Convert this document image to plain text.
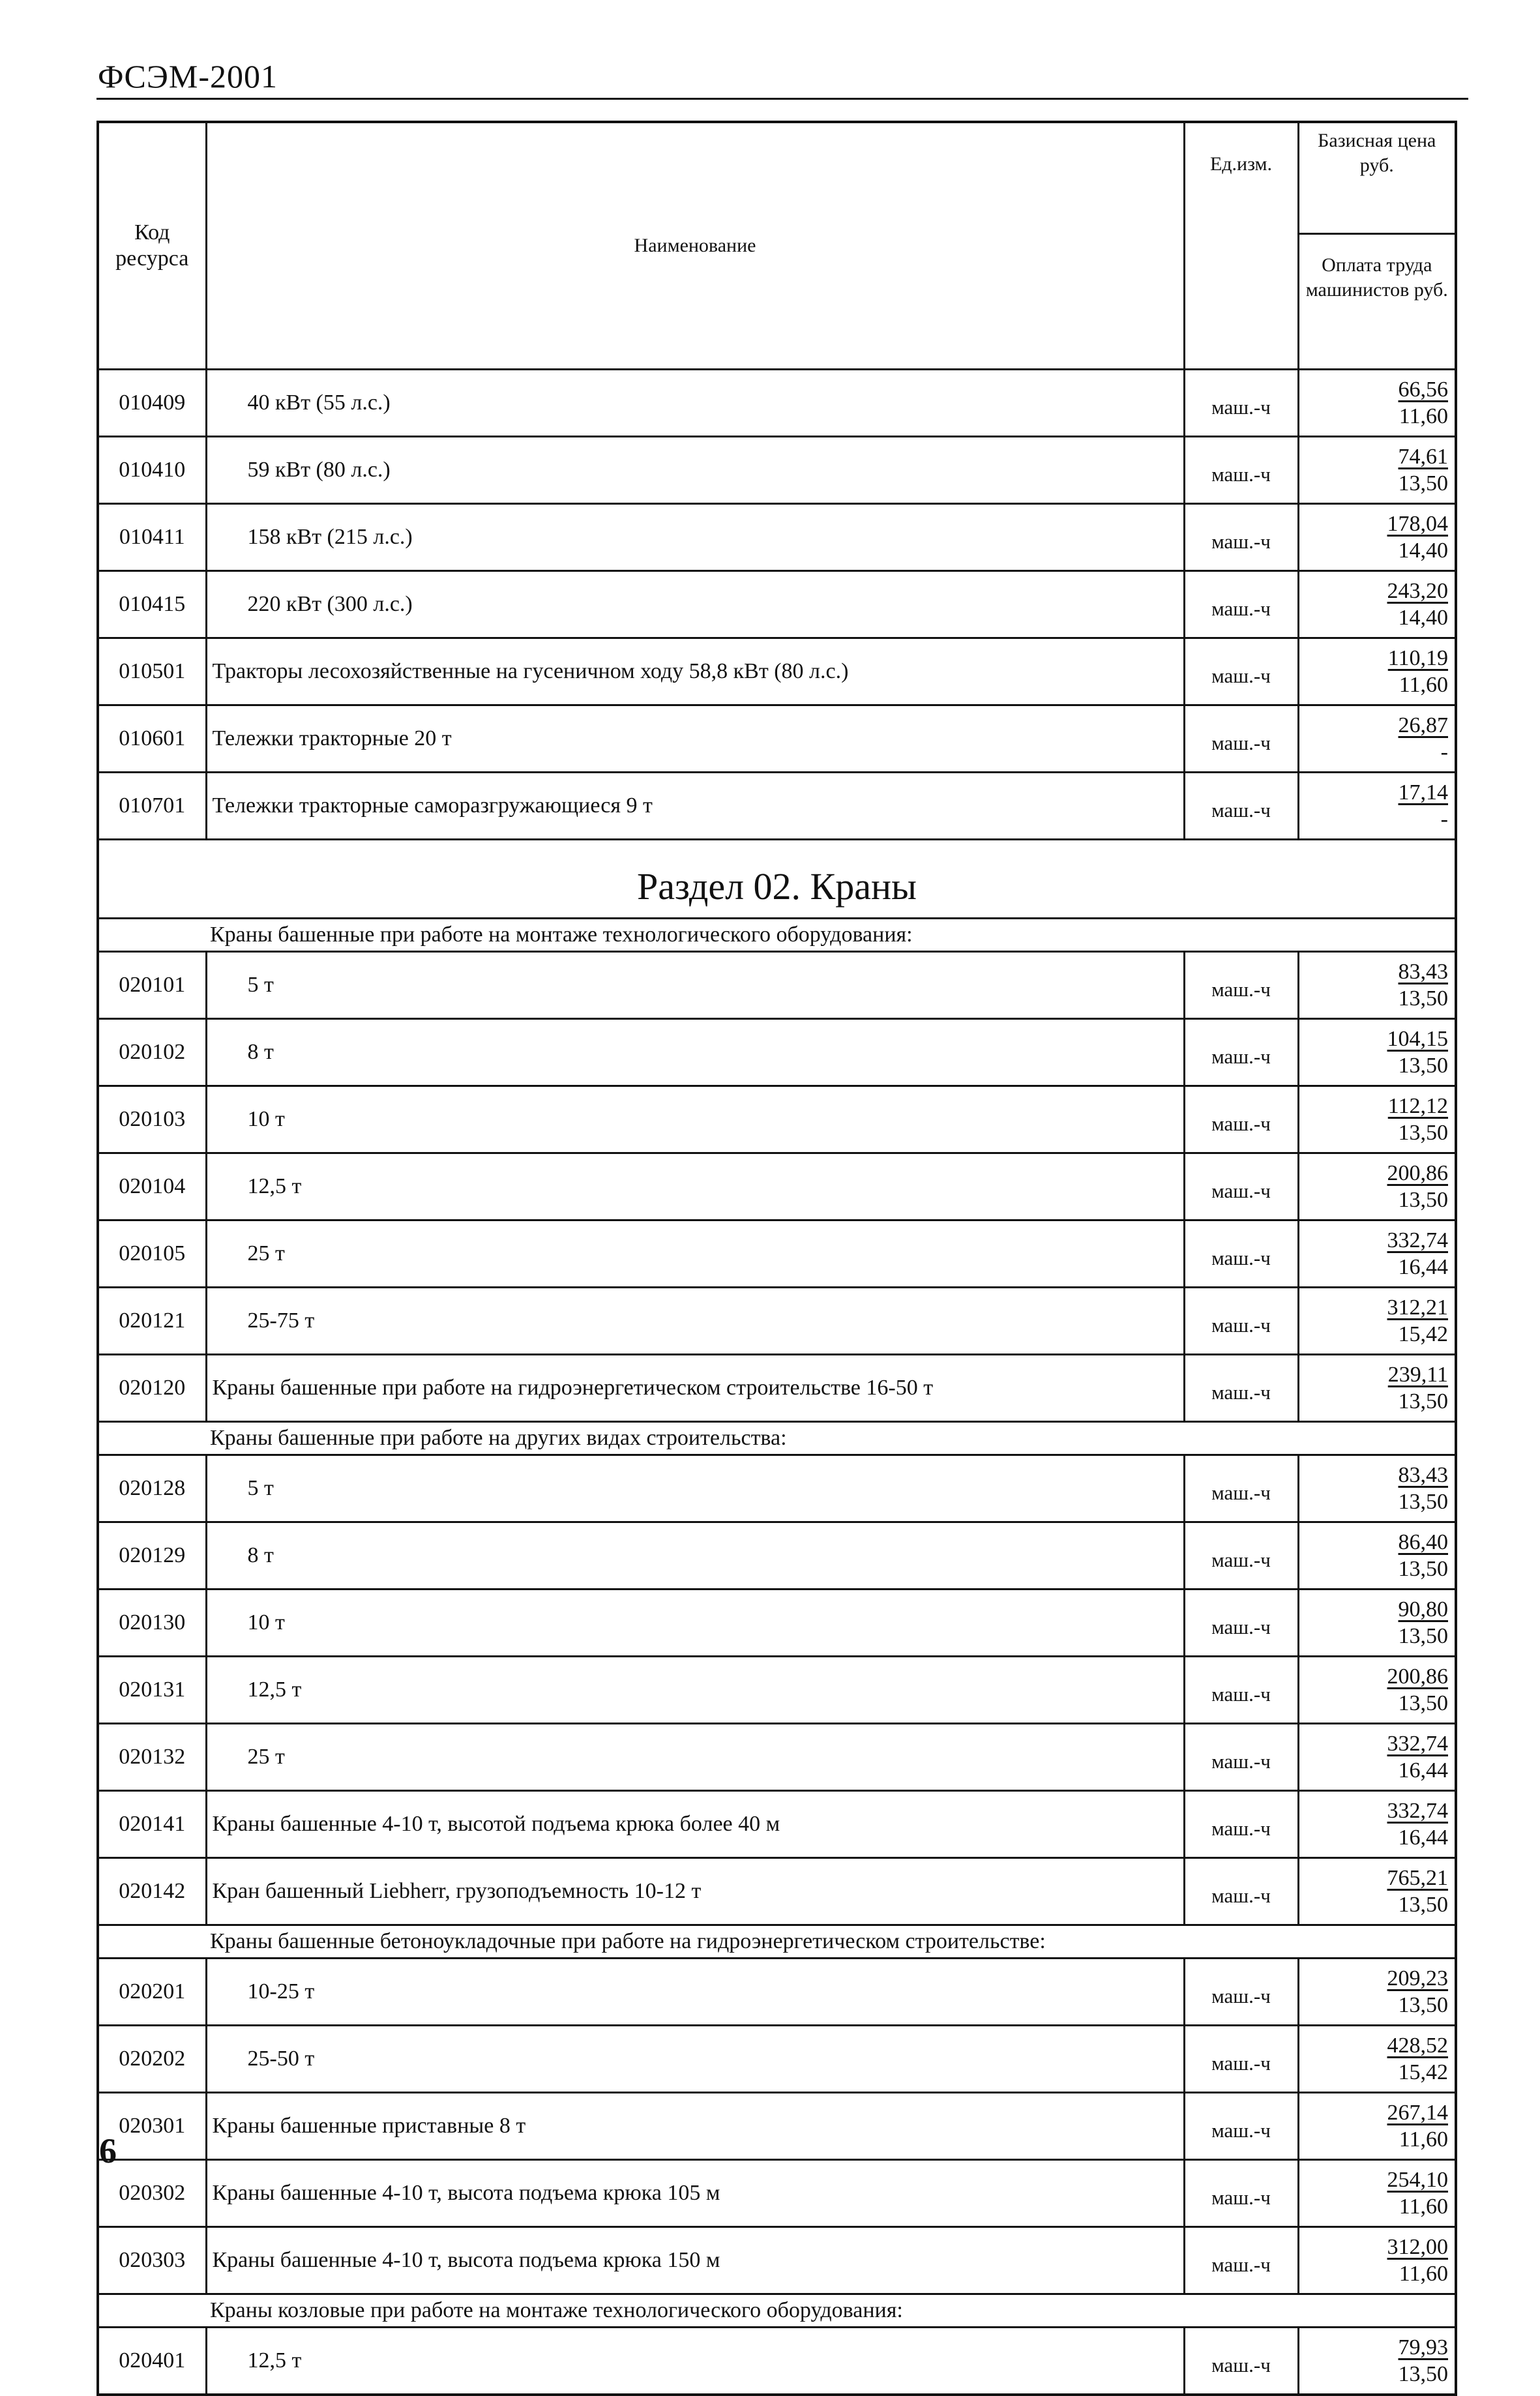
ФСЭМ-2001
Код ресурса	Наименование	Ед.изм.	Базисная цена руб.
Оплата труда машинистов руб.

010409	40 кВт (55 л.с.)	маш.-ч	66,56
11,60

010410	59 кВт (80 л.с.)	маш.-ч	74,61
13,50

010411	158 кВт (215 л.с.)	маш.-ч	178,04
14,40

010415	220 кВт (300 л.с.)	маш.-ч	243,20
14,40

010501	Тракторы лесохозяйственные на гусеничном ходу 58,8 кВт (80 л.с.)	маш.-ч	110,19
11,60

010601	Тележки тракторные 20 т	маш.-ч	26,87
-

010701	Тележки тракторные саморазгружающиеся 9 т	маш.-ч	17,14
-

Раздел 02. Краны			
Краны башенные при работе на монтаже технологического оборудования:			
020101	5 т	маш.-ч	83,43
13,50

020102	8 т	маш.-ч	104,15
13,50

020103	10 т	маш.-ч	112,12
13,50

020104	12,5 т	маш.-ч	200,86
13,50

020105	25 т	маш.-ч	332,74
16,44

020121	25-75 т	маш.-ч	312,21
15,42

020120	Краны башенные при работе на гидроэнергетическом строительстве 16-50 т	маш.-ч	239,11
13,50

Краны башенные при работе на других видах строительства:			
020128	5 т	маш.-ч	83,43
13,50

020129	8 т	маш.-ч	86,40
13,50

020130	10 т	маш.-ч	90,80
13,50

020131	12,5 т	маш.-ч	200,86
13,50

020132	25 т	маш.-ч	332,74
16,44

020141	Краны башенные 4-10 т, высотой подъема крюка более 40 м	маш.-ч	332,74
16,44

020142	Кран башенный Liebherr, грузоподъемность 10-12 т	маш.-ч	765,21
13,50

Краны башенные бетоноукладочные при работе на гидроэнергетическом строительстве:			
020201	10-25 т	маш.-ч	209,23
13,50

020202	25-50 т	маш.-ч	428,52
15,42

020301	Краны башенные приставные 8 т	маш.-ч	267,14
11,60

020302	Краны башенные 4-10 т, высота подъема крюка 105 м	маш.-ч	254,10
11,60

020303	Краны башенные 4-10 т, высота подъема крюка 150 м	маш.-ч	312,00
11,60

Краны козловые при работе на монтаже технологического оборудования:			
020401	12,5 т	маш.-ч	79,93
13,50
6
